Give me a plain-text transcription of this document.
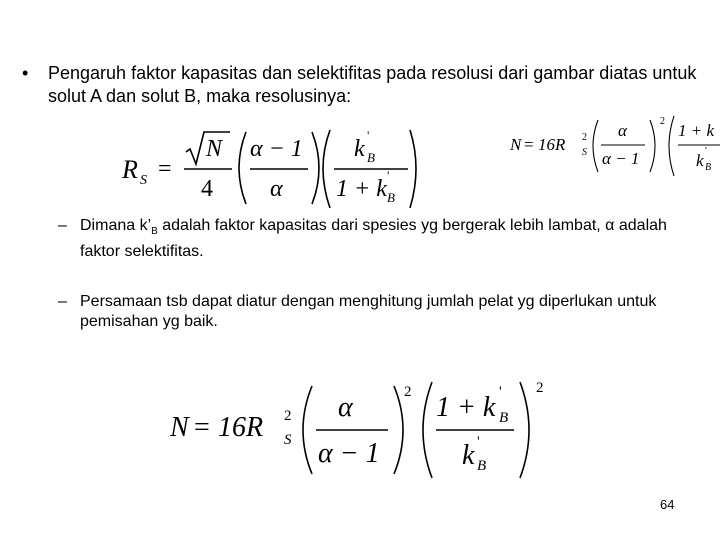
• Pengaruh faktor kapasitas dan selektifitas pada resolusi dari gambar diatas untuk solut A dan solut B, maka resolusinya:
R S =
N
4
α − 1
α
k
'
B
1 + k
'
B
N = 16R 2
S
α
α − 1
2 1 + k
k '
B
– Dimana $k’_B$ adalah faktor kapasitas dari spesies yg bergerak lebih lambat, α adalah faktor selektifitas.
– Persamaan tsb dapat diatur dengan menghitung jumlah pelat yg diperlukan untuk pemisahan yg baik.
N = 16R 2
S
α
α − 1
2 1 + k '
B
k '
B
2
64
